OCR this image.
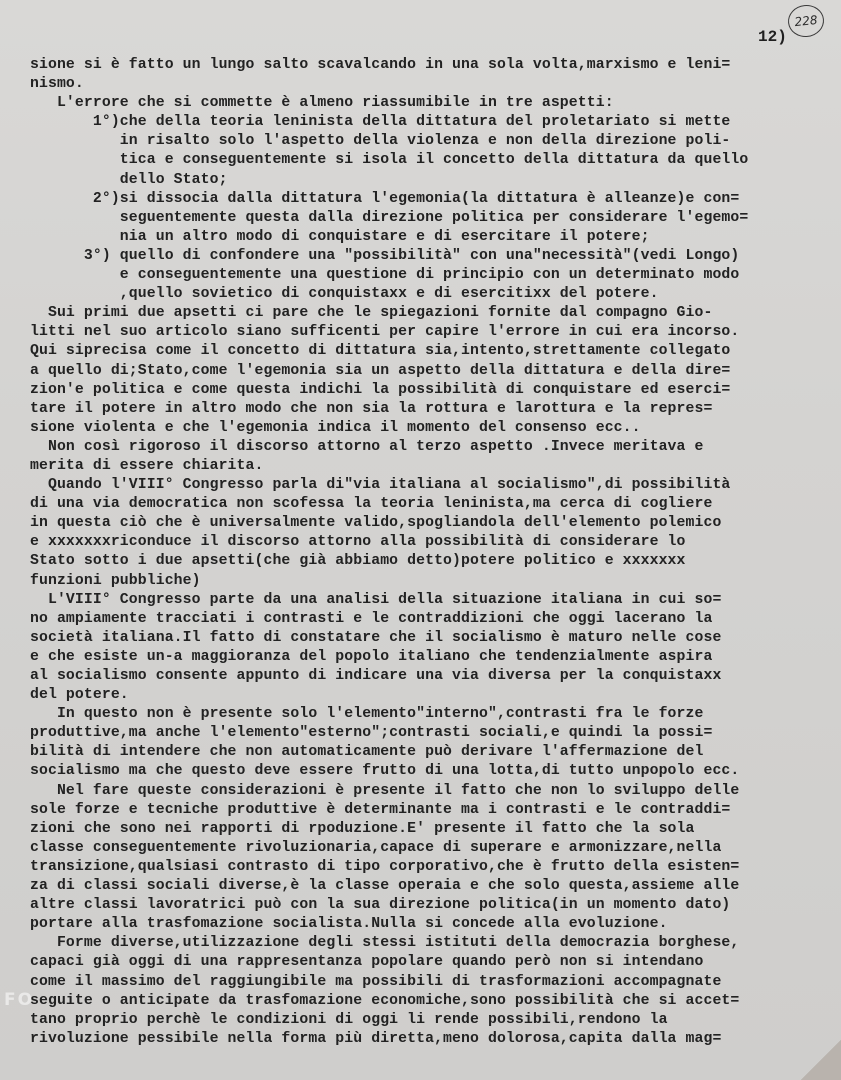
228
12)
sione si è fatto un lungo salto scavalcando in una sola volta,marxismo e leni=
nismo.
L'errore che si commette è almeno riassumibile in tre aspetti:
1°)che della teoria leninista della dittatura del proletariato si mette
in risalto solo l'aspetto della violenza e non della direzione poli-
tica e conseguentemente si isola il concetto della dittatura da quello
dello Stato;
2°)si dissocia dalla dittatura l'egemonia(la dittatura è alleanze)e con=
seguentemente questa dalla direzione politica per considerare l'egemo=
nia un altro modo di conquistare e di esercitare il potere;
3°) quello di confondere una "possibilità" con una"necessità"(vedi Longo)
e conseguentemente una questione di principio con un determinato modo
,quello sovietico di conquistaxx e di esercitixx del potere.
Sui primi due apsetti ci pare che le spiegazioni fornite dal compagno Gio-
litti nel suo articolo siano sufficenti per capire l'errore in cui era incorso.
Qui siprecisa come il concetto di dittatura sia,intento,strettamente collegato
a quello di;Stato,come l'egemonia sia un aspetto della dittatura e della dire=
zion'e politica e come questa indichi la possibilità di conquistare ed eserci=
tare il potere in altro modo che non sia la rottura e larottura e la repres=
sione violenta e che l'egemonia indica il momento del consenso ecc..
Non così rigoroso il discorso attorno al terzo aspetto .Invece meritava e
merita di essere chiarita.
Quando l'VIII° Congresso parla di"via italiana al socialismo",di possibilità
di una via democratica non scofessa la teoria leninista,ma cerca di cogliere
in questa ciò che è universalmente valido,spogliandola dell'elemento polemico
e xxxxxxxriconduce il discorso attorno alla possibilità di considerare lo
Stato sotto i due apsetti(che già abbiamo detto)potere politico e xxxxxxx
funzioni pubbliche)
L'VIII° Congresso parte da una analisi della situazione italiana in cui so=
no ampiamente tracciati i contrasti e le contraddizioni che oggi lacerano la
società italiana.Il fatto di constatare che il socialismo è maturo nelle cose
e che esiste un-a maggioranza del popolo italiano che tendenzialmente aspira
al socialismo consente appunto di indicare una via diversa per la conquistaxx
del potere.
In questo non è presente solo l'elemento"interno",contrasti fra le forze
produttive,ma anche l'elemento"esterno";contrasti sociali,e quindi la possi=
bilità di intendere che non automaticamente può derivare l'affermazione del
socialismo ma che questo deve essere frutto di una lotta,di tutto unpopolo ecc.
Nel fare queste considerazioni è presente il fatto che non lo sviluppo delle
sole forze e tecniche produttive è determinante ma i contrasti e le contraddi=
zioni che sono nei rapporti di rpoduzione.E' presente il fatto che la sola
classe conseguentemente rivoluzionaria,capace di superare e armonizzare,nella
transizione,qualsiasi contrasto di tipo corporativo,che è frutto della esisten=
za di classi sociali diverse,è la classe operaia e che solo questa,assieme alle
altre classi lavoratrici può con la sua direzione politica(in un momento dato)
portare alla trasfomazione socialista.Nulla si concede alla evoluzione.
Forme diverse,utilizzazione degli stessi istituti della democrazia borghese,
capaci già oggi di una rappresentanza popolare quando però non si intendano
come il massimo del raggiungibile ma possibili di trasformazioni accompagnate
seguite o anticipate da trasfomazione economiche,sono possibilità che si accet=
tano proprio perchè le condizioni di oggi li rende possibili,rendono la
rivoluzione pessibile nella forma più diretta,meno dolorosa,capita dalla mag=
FO
